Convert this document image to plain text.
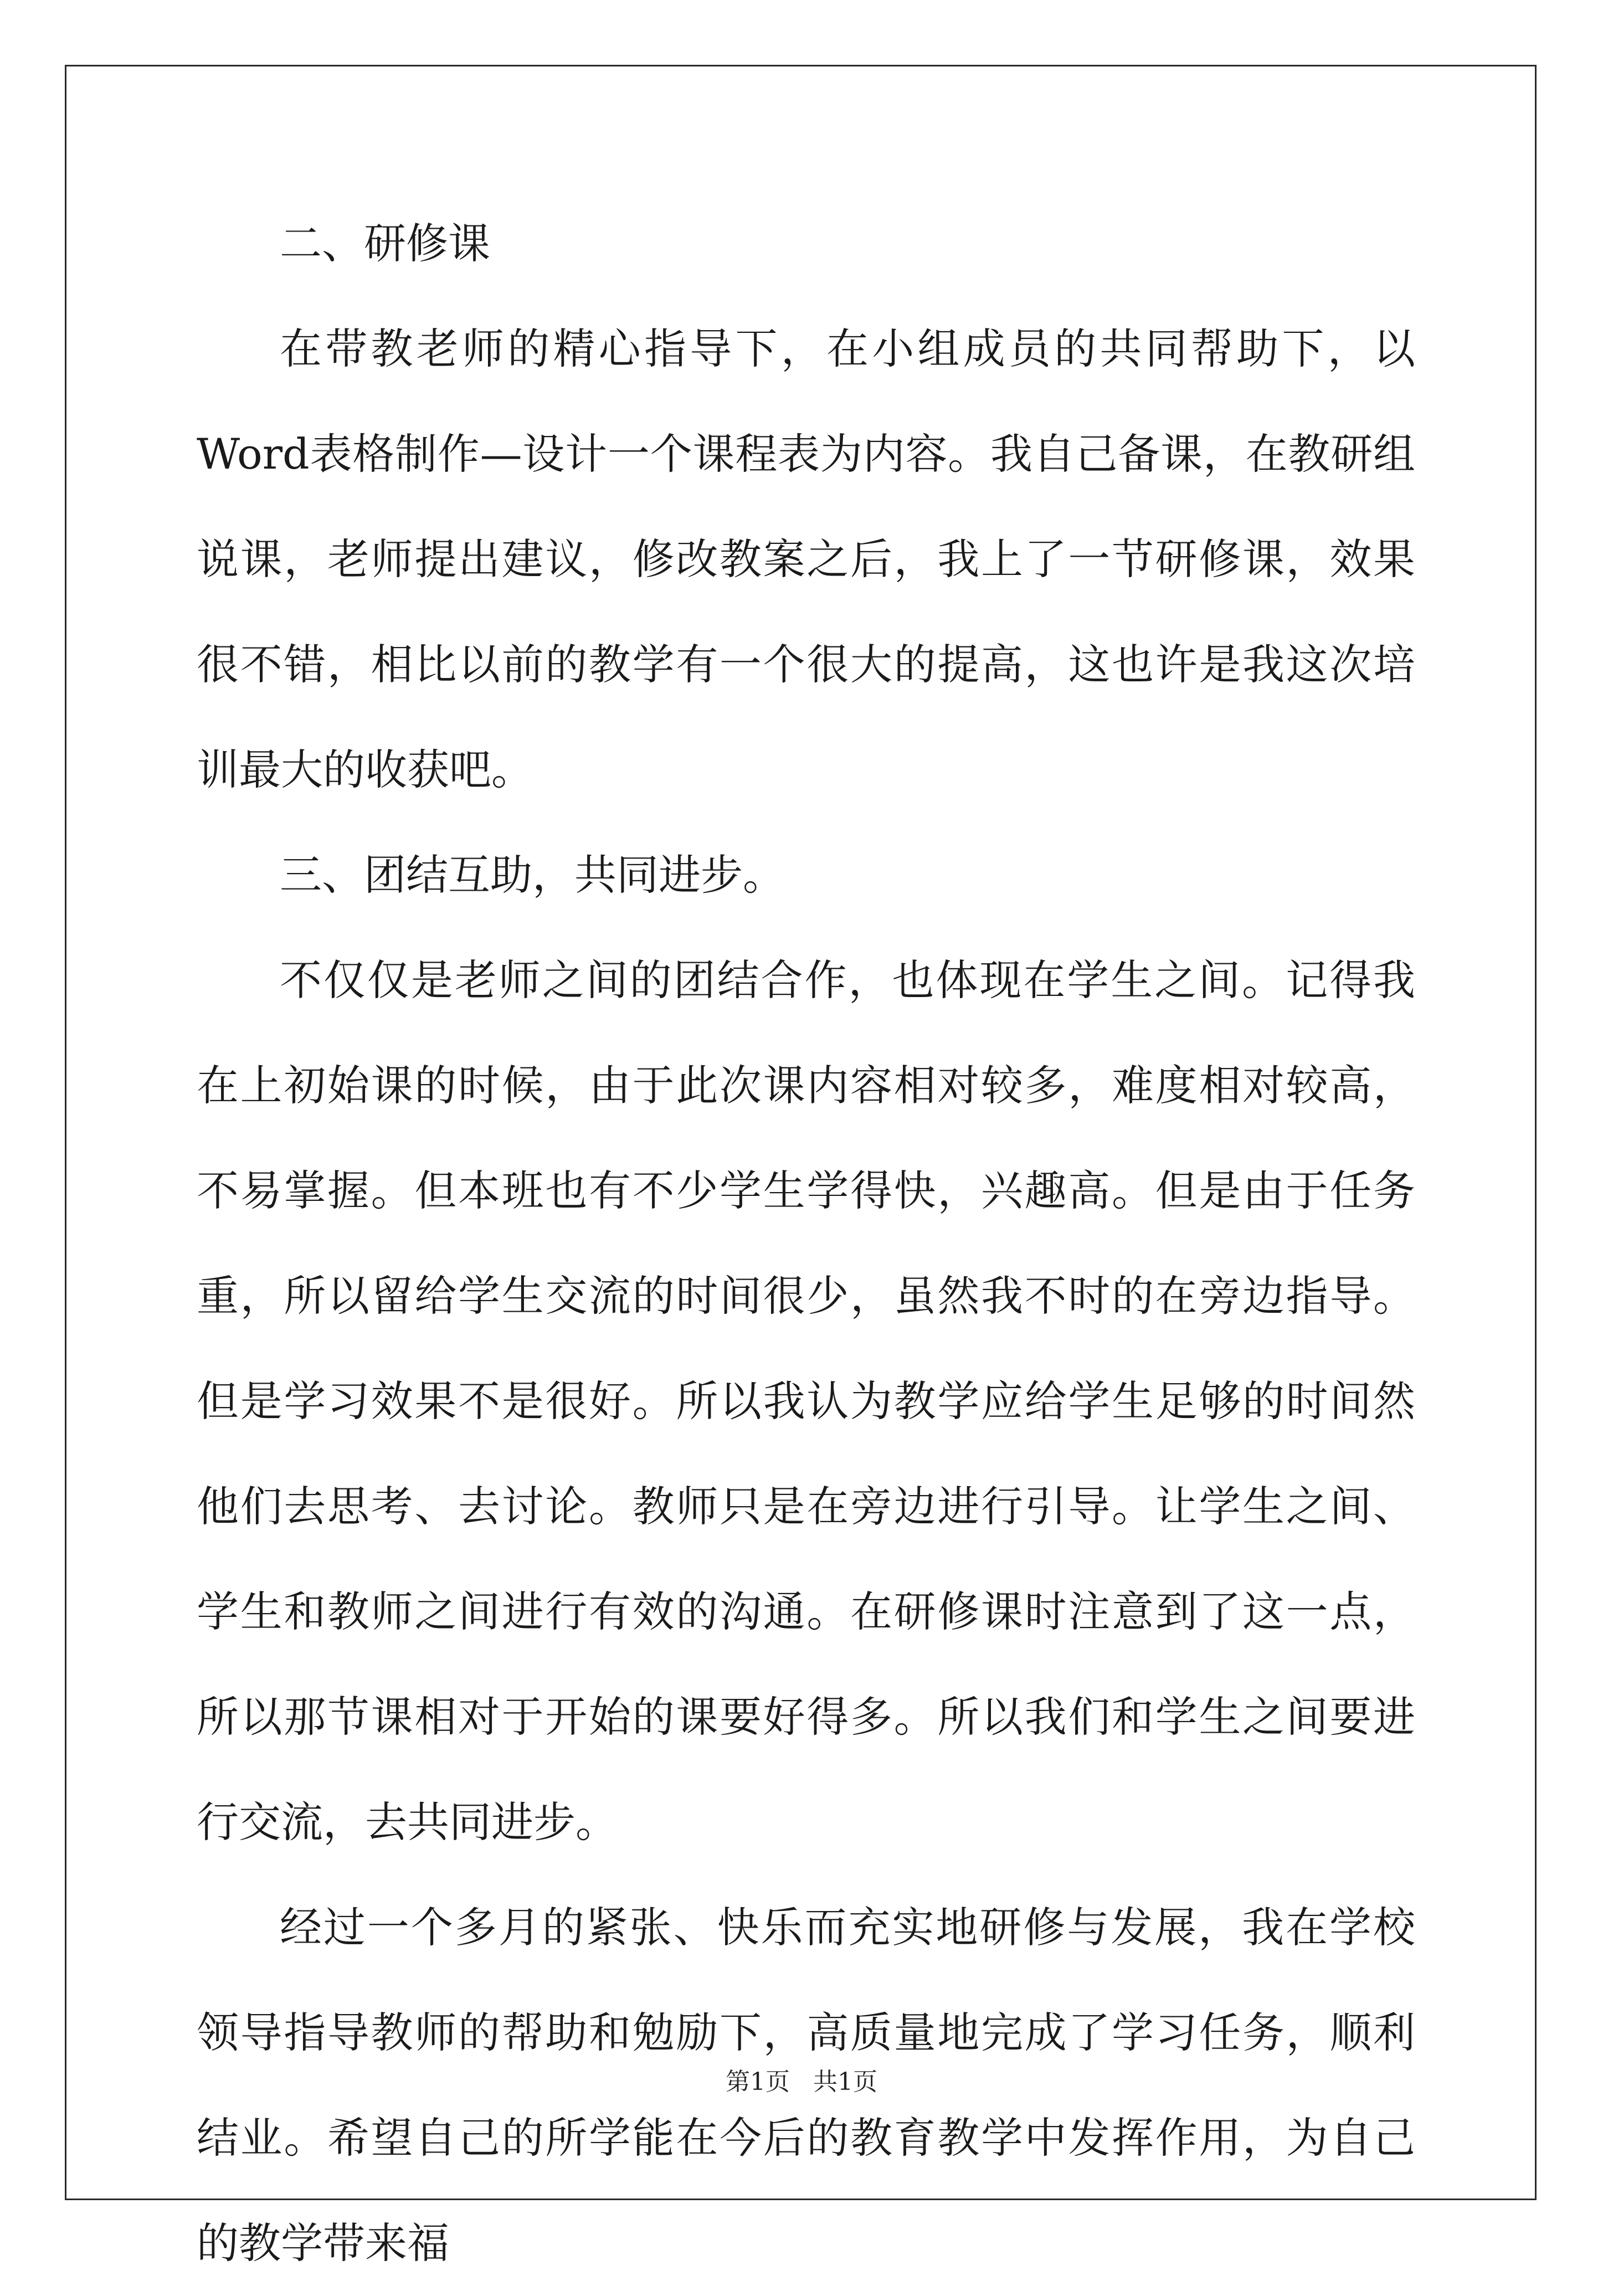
二、研修课

在带教老师的精心指导下，在小组成员的共同帮助下，以Word表格制作—设计一个课程表为内容。我自己备课，在教研组说课，老师提出建议，修改教案之后，我上了一节研修课，效果很不错，相比以前的教学有一个很大的提高，这也许是我这次培训最大的收获吧。

三、团结互助，共同进步。

不仅仅是老师之间的团结合作，也体现在学生之间。记得我在上初始课的时候，由于此次课内容相对较多，难度相对较高，不易掌握。但本班也有不少学生学得快，兴趣高。但是由于任务重，所以留给学生交流的时间很少，虽然我不时的在旁边指导。但是学习效果不是很好。所以我认为教学应给学生足够的时间然他们去思考、去讨论。教师只是在旁边进行引导。让学生之间、学生和教师之间进行有效的沟通。在研修课时注意到了这一点，所以那节课相对于开始的课要好得多。所以我们和学生之间要进行交流，去共同进步。

经过一个多月的紧张、快乐而充实地研修与发展，我在学校领导指导教师的帮助和勉励下，高质量地完成了学习任务，顺利结业。希望自己的所学能在今后的教育教学中发挥作用，为自己的教学带来福

第1页   共1页
